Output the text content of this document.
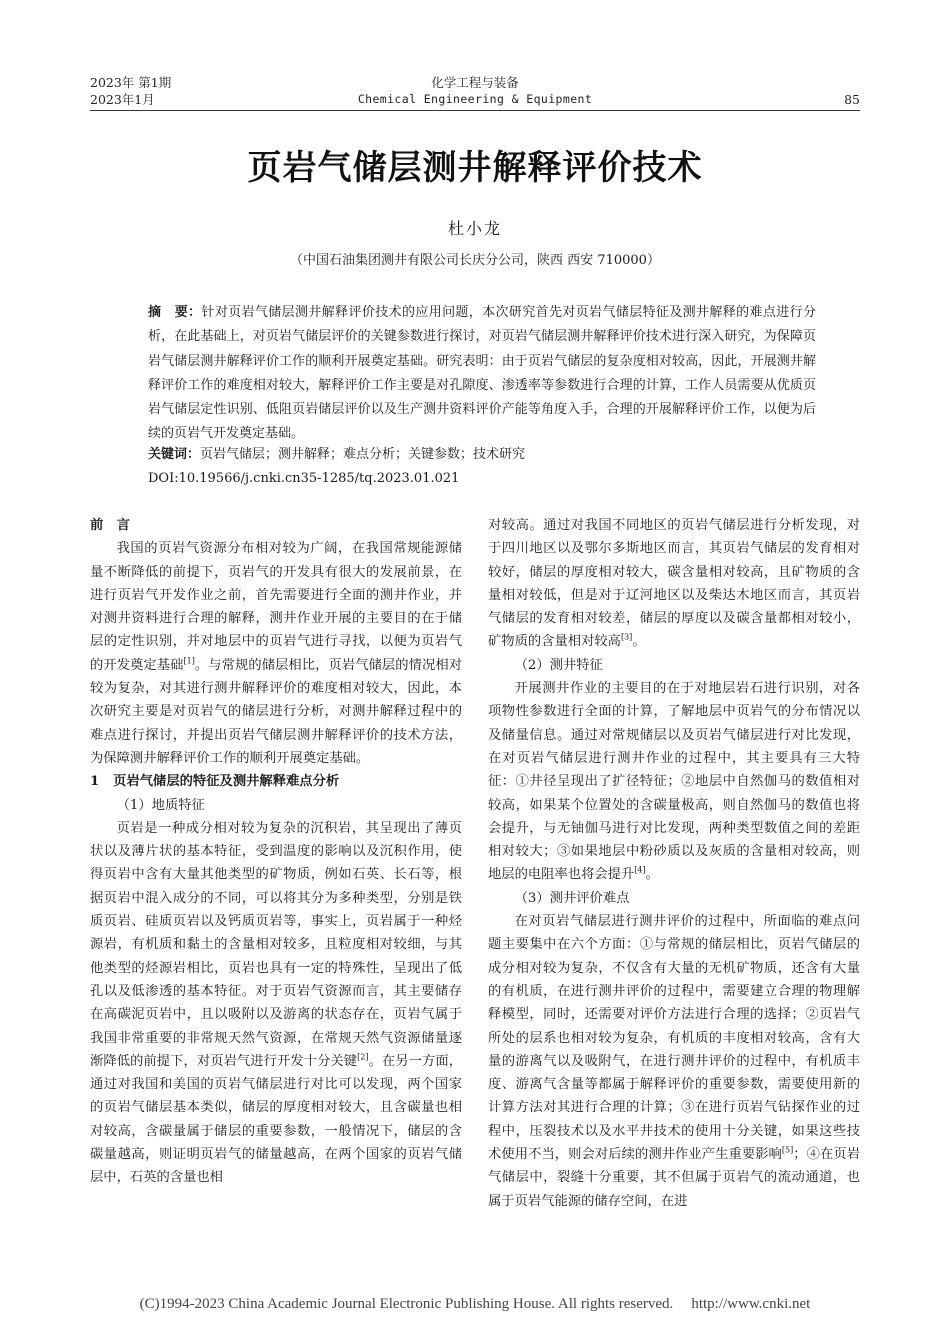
2023年 第1期
2023年1月
化学工程与装备
Chemical Engineering & Equipment	85
页岩气储层测井解释评价技术
杜小龙
（中国石油集团测井有限公司长庆分公司，陕西 西安 710000）
摘　要：针对页岩气储层测井解释评价技术的应用问题，本次研究首先对页岩气储层特征及测井解释的难点进行分析，在此基础上，对页岩气储层评价的关键参数进行探讨，对页岩气储层测井解释评价技术进行深入研究，为保障页岩气储层测井解释评价工作的顺利开展奠定基础。研究表明：由于页岩气储层的复杂度相对较高，因此，开展测井解释评价工作的难度相对较大，解释评价工作主要是对孔隙度、渗透率等参数进行合理的计算，工作人员需要从优质页岩气储层定性识别、低阻页岩储层评价以及生产测井资料评价产能等角度入手，合理的开展解释评价工作，以便为后续的页岩气开发奠定基础。
关键词：页岩气储层；测井解释；难点分析；关键参数；技术研究
DOI:10.19566/j.cnki.cn35-1285/tq.2023.01.021
前言

我国的页岩气资源分布相对较为广阔，在我国常规能源储量不断降低的前提下，页岩气的开发具有很大的发展前景，在进行页岩气开发作业之前，首先需要进行全面的测井作业，并对测井资料进行合理的解释，测井作业开展的主要目的在于储层的定性识别，并对地层中的页岩气进行寻找，以便为页岩气的开发奠定基础[1]。与常规的储层相比，页岩气储层的情况相对较为复杂，对其进行测井解释评价的难度相对较大，因此，本次研究主要是对页岩气的储层进行分析，对测井解释过程中的难点进行探讨，并提出页岩气储层测井解释评价的技术方法，为保障测井解释评价工作的顺利开展奠定基础。

1 页岩气储层的特征及测井解释难点分析
（1）地质特征

页岩是一种成分相对较为复杂的沉积岩，其呈现出了薄页状以及薄片状的基本特征，受到温度的影响以及沉积作用，使得页岩中含有大量其他类型的矿物质，例如石英、长石等，根据页岩中混入成分的不同，可以将其分为多种类型，分别是铁质页岩、硅质页岩以及钙质页岩等，事实上，页岩属于一种烃源岩，有机质和黏土的含量相对较多，且粒度相对较细，与其他类型的烃源岩相比，页岩也具有一定的特殊性，呈现出了低孔以及低渗透的基本特征。对于页岩气资源而言，其主要储存在高碳泥页岩中，且以吸附以及游离的状态存在，页岩气属于我国非常重要的非常规天然气资源，在常规天然气资源储量逐渐降低的前提下，对页岩气进行开发十分关键[2]。在另一方面，通过对我国和美国的页岩气储层进行对比可以发现，两个国家的页岩气储层基本类似，储层的厚度相对较大，且含碳量也相对较高，含碳量属于储层的重要参数，一般情况下，储层的含碳量越高，则证明页岩气的储量越高，在两个国家的页岩气储层中，石英的含量也相

对较高。通过对我国不同地区的页岩气储层进行分析发现，对于四川地区以及鄂尔多斯地区而言，其页岩气储层的发育相对较好，储层的厚度相对较大，碳含量相对较高，且矿物质的含量相对较低，但是对于辽河地区以及柴达木地区而言，其页岩气储层的发育相对较差，储层的厚度以及碳含量都相对较小，矿物质的含量相对较高[3]。

（2）测井特征

开展测井作业的主要目的在于对地层岩石进行识别，对各项物性参数进行全面的计算，了解地层中页岩气的分布情况以及储量信息。通过对常规储层以及页岩气储层进行对比发现，在对页岩气储层进行测井作业的过程中，其主要具有三大特征：①井径呈现出了扩径特征；②地层中自然伽马的数值相对较高，如果某个位置处的含碳量极高，则自然伽马的数值也将会提升，与无铀伽马进行对比发现，两种类型数值之间的差距相对较大；③如果地层中粉砂质以及灰质的含量相对较高，则地层的电阻率也将会提升[4]。

（3）测井评价难点

在对页岩气储层进行测井评价的过程中，所面临的难点问题主要集中在六个方面：①与常规的储层相比，页岩气储层的成分相对较为复杂，不仅含有大量的无机矿物质，还含有大量的有机质，在进行测井评价的过程中，需要建立合理的物理解释模型，同时，还需要对评价方法进行合理的选择；②页岩气所处的层系也相对较为复杂，有机质的丰度相对较高，含有大量的游离气以及吸附气，在进行测井评价的过程中，有机质丰度、游离气含量等都属于解释评价的重要参数，需要使用新的计算方法对其进行合理的计算；③在进行页岩气钻探作业的过程中，压裂技术以及水平井技术的使用十分关键，如果这些技术使用不当，则会对后续的测井作业产生重要影响[5]；④在页岩气储层中，裂缝十分重要，其不但属于页岩气的流动通道，也属于页岩气能源的储存空间，在进

(C)1994-2023 China Academic Journal Electronic Publishing House. All rights reserved. http://www.cnki.net
